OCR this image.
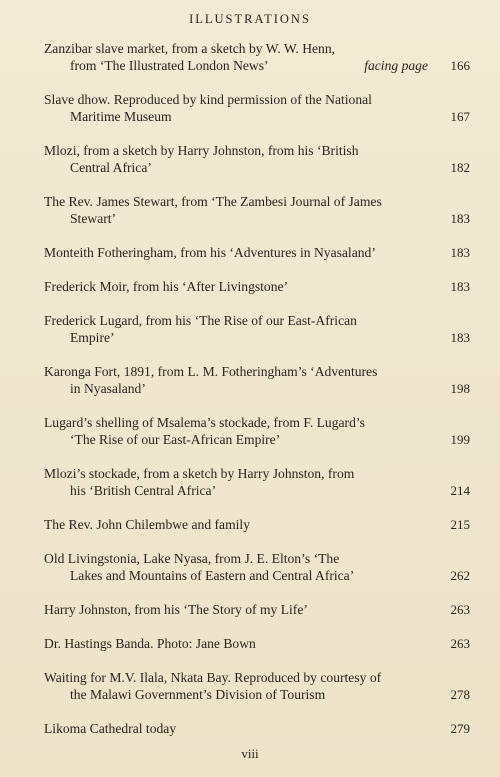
ILLUSTRATIONS
Zanzibar slave market, from a sketch by W. W. Henn,
from ‘The Illustrated London News’	facing page 166
Slave dhow. Reproduced by kind permission of the National
Maritime Museum	167
Mlozi, from a sketch by Harry Johnston, from his ‘British
Central Africa’	182
The Rev. James Stewart, from ‘The Zambesi Journal of James
Stewart’	183
Monteith Fotheringham, from his ‘Adventures in Nyasaland’	183
Frederick Moir, from his ‘After Livingstone’	183
Frederick Lugard, from his ‘The Rise of our East-African
Empire’	183
Karonga Fort, 1891, from L. M. Fotheringham’s ‘Adventures
in Nyasaland’	198
Lugard’s shelling of Msalema’s stockade, from F. Lugard’s
‘The Rise of our East-African Empire’	199
Mlozi’s stockade, from a sketch by Harry Johnston, from
his ‘British Central Africa’	214
The Rev. John Chilembwe and family	215
Old Livingstonia, Lake Nyasa, from J. E. Elton’s ‘The
Lakes and Mountains of Eastern and Central Africa’	262
Harry Johnston, from his ‘The Story of my Life’	263
Dr. Hastings Banda. Photo: Jane Bown	263
Waiting for M.V. Ilala, Nkata Bay. Reproduced by courtesy of
the Malawi Government’s Division of Tourism	278
Likoma Cathedral today	279
viii
